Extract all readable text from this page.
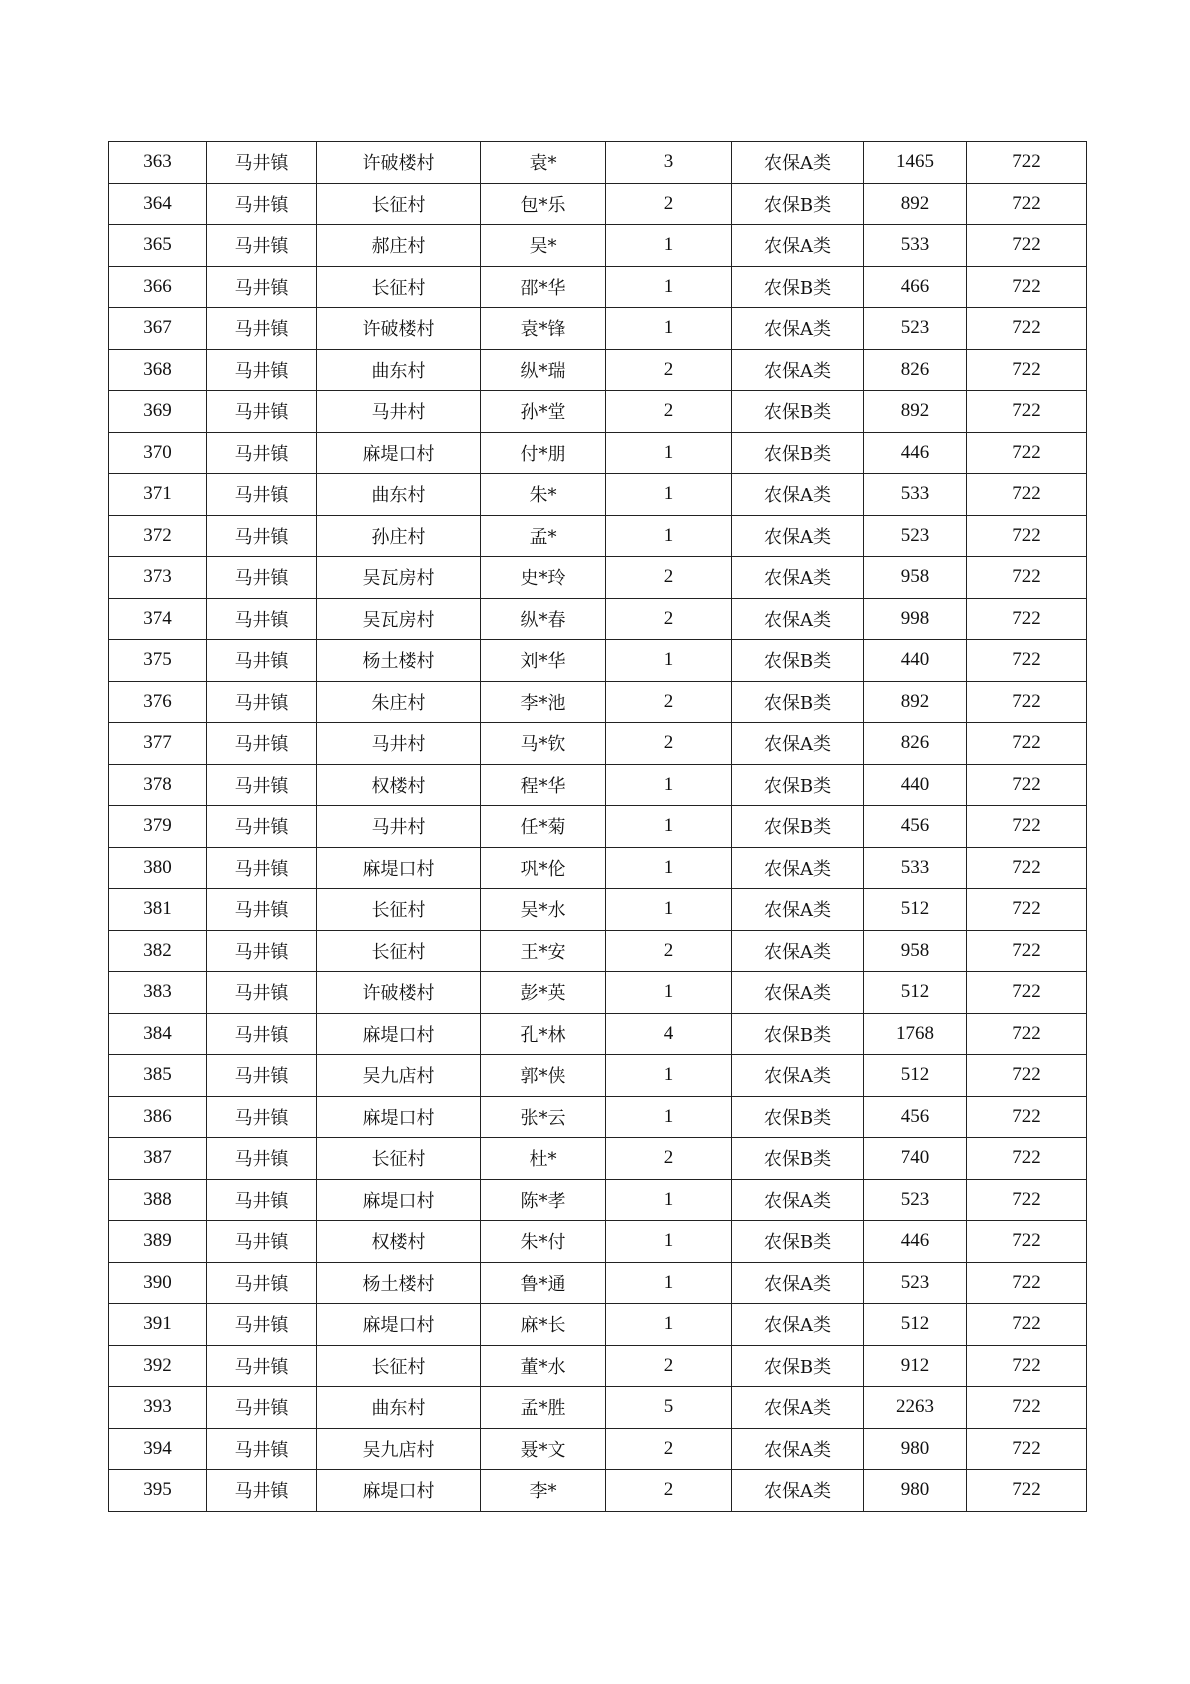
363	马井镇	许破楼村	袁*	3	农保A类	1465	722
364	马井镇	长征村	包*乐	2	农保B类	892	722
365	马井镇	郝庄村	吴*	1	农保A类	533	722
366	马井镇	长征村	邵*华	1	农保B类	466	722
367	马井镇	许破楼村	袁*锋	1	农保A类	523	722
368	马井镇	曲东村	纵*瑞	2	农保A类	826	722
369	马井镇	马井村	孙*堂	2	农保B类	892	722
370	马井镇	麻堤口村	付*朋	1	农保B类	446	722
371	马井镇	曲东村	朱*	1	农保A类	533	722
372	马井镇	孙庄村	孟*	1	农保A类	523	722
373	马井镇	吴瓦房村	史*玲	2	农保A类	958	722
374	马井镇	吴瓦房村	纵*春	2	农保A类	998	722
375	马井镇	杨土楼村	刘*华	1	农保B类	440	722
376	马井镇	朱庄村	李*池	2	农保B类	892	722
377	马井镇	马井村	马*钦	2	农保A类	826	722
378	马井镇	权楼村	程*华	1	农保B类	440	722
379	马井镇	马井村	任*菊	1	农保B类	456	722
380	马井镇	麻堤口村	巩*伦	1	农保A类	533	722
381	马井镇	长征村	吴*水	1	农保A类	512	722
382	马井镇	长征村	王*安	2	农保A类	958	722
383	马井镇	许破楼村	彭*英	1	农保A类	512	722
384	马井镇	麻堤口村	孔*林	4	农保B类	1768	722
385	马井镇	吴九店村	郭*侠	1	农保A类	512	722
386	马井镇	麻堤口村	张*云	1	农保B类	456	722
387	马井镇	长征村	杜*	2	农保B类	740	722
388	马井镇	麻堤口村	陈*孝	1	农保A类	523	722
389	马井镇	权楼村	朱*付	1	农保B类	446	722
390	马井镇	杨土楼村	鲁*通	1	农保A类	523	722
391	马井镇	麻堤口村	麻*长	1	农保A类	512	722
392	马井镇	长征村	董*水	2	农保B类	912	722
393	马井镇	曲东村	孟*胜	5	农保A类	2263	722
394	马井镇	吴九店村	聂*文	2	农保A类	980	722
395	马井镇	麻堤口村	李*	2	农保A类	980	722
